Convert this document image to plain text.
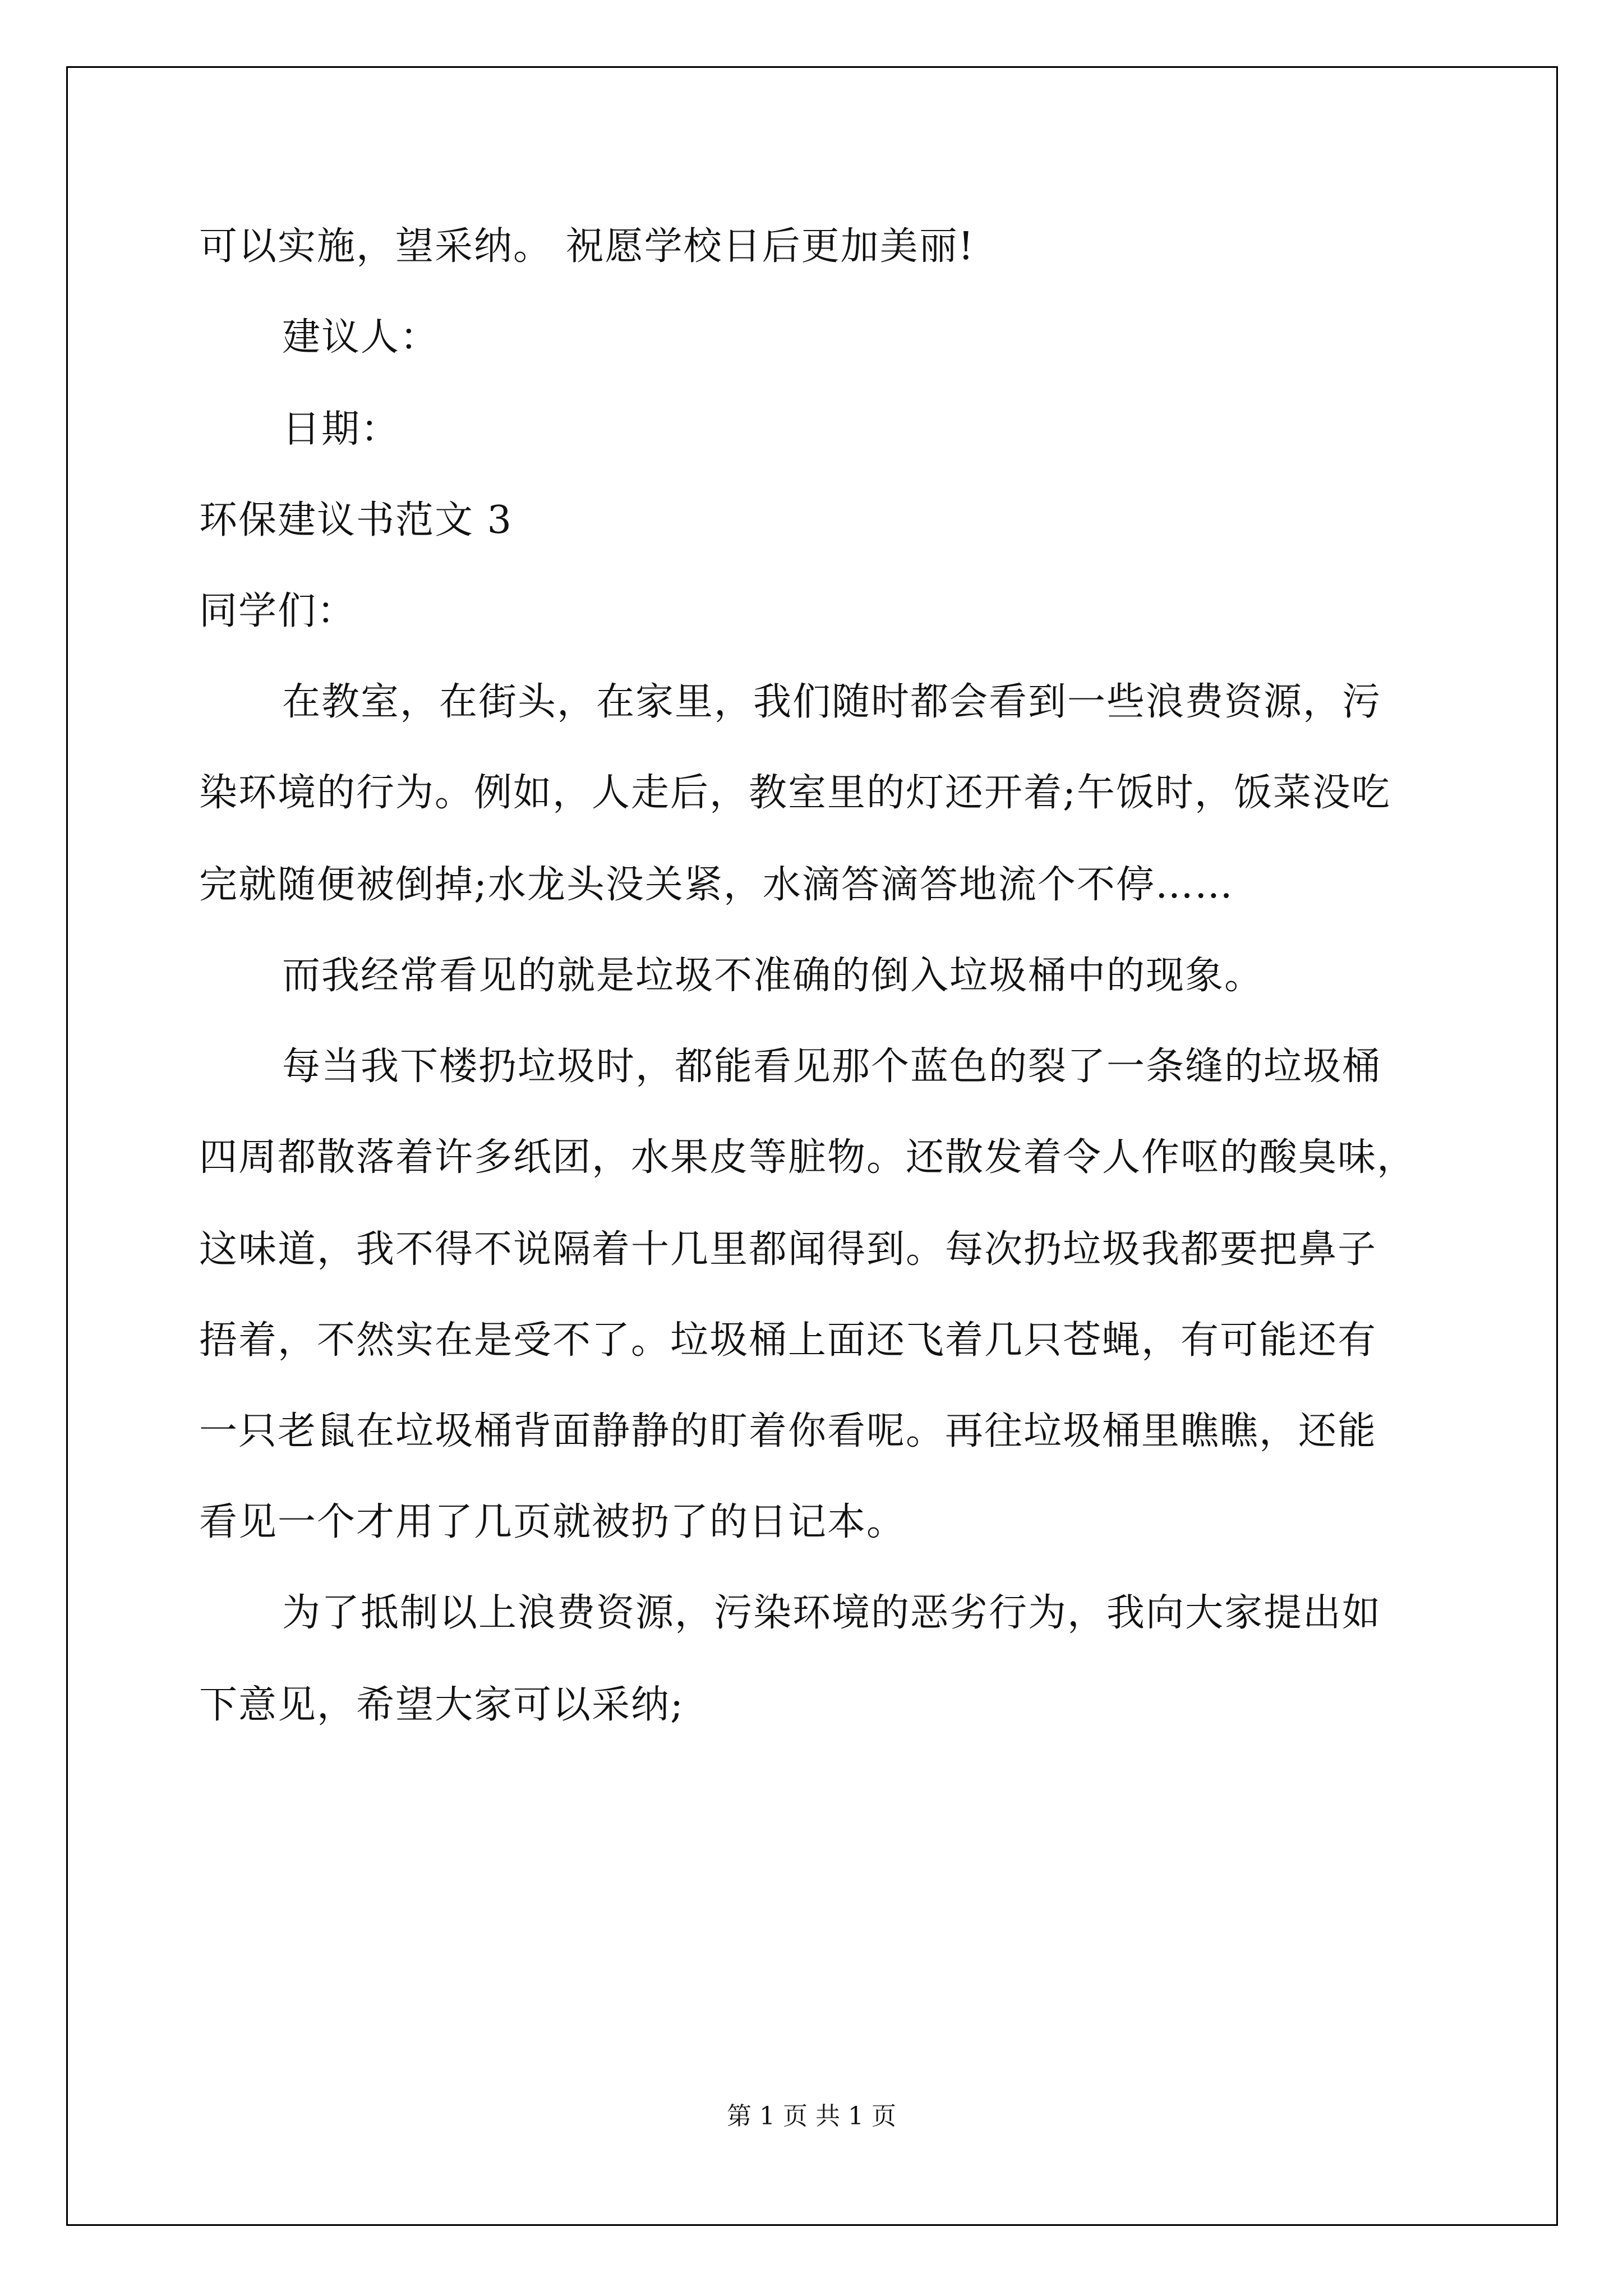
可以实施，望采纳。 祝愿学校日后更加美丽!
建议人：
日期：
环保建议书范文 3
同学们：
在教室，在街头，在家里，我们随时都会看到一些浪费资源，污
染环境的行为。例如，人走后，教室里的灯还开着;午饭时，饭菜没吃
完就随便被倒掉;水龙头没关紧，水滴答滴答地流个不停……
而我经常看见的就是垃圾不准确的倒入垃圾桶中的现象。
每当我下楼扔垃圾时，都能看见那个蓝色的裂了一条缝的垃圾桶
四周都散落着许多纸团，水果皮等脏物。还散发着令人作呕的酸臭味，
这味道，我不得不说隔着十几里都闻得到。每次扔垃圾我都要把鼻子
捂着，不然实在是受不了。垃圾桶上面还飞着几只苍蝇，有可能还有
一只老鼠在垃圾桶背面静静的盯着你看呢。再往垃圾桶里瞧瞧，还能
看见一个才用了几页就被扔了的日记本。
为了抵制以上浪费资源，污染环境的恶劣行为，我向大家提出如
下意见，希望大家可以采纳;
第 1 页 共 1 页
